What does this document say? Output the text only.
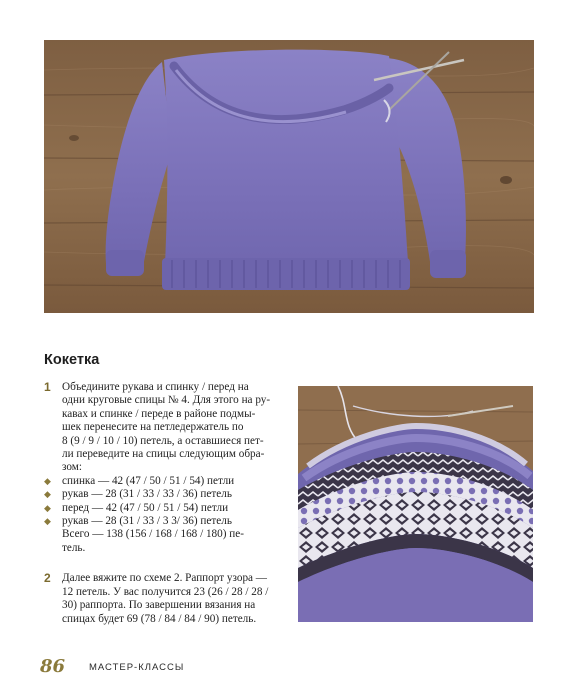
Кокетка
1 Объедините рукава и спинку / перед на
одни круговые спицы № 4. Для этого на ру-
кавах и спинке / переде в районе подмы-
шек перенесите на петледержатель по
8 (9 / 9 / 10 / 10) петель, а оставшиеся пет-
ли переведите на спицы следующим обра-
зом:
◆ спинка — 42 (47 / 50 / 51 / 54) петли
◆ рукав — 28 (31 / 33 / 33 / 36) петель
◆ перед — 42 (47 / 50 / 51 / 54) петли
◆ рукав — 28 (31 / 33 / 3 3/ 36) петель
Всего — 138 (156 / 168 / 168 / 180) пе-
тель.
2 Далее вяжите по схеме 2. Раппорт узора —
12 петель. У вас получится 23 (26 / 28 / 28 /
30) раппорта. По завершении вязания на
спицах будет 69 (78 / 84 / 84 / 90) петель.
86	МАСТЕР-КЛАССЫ
